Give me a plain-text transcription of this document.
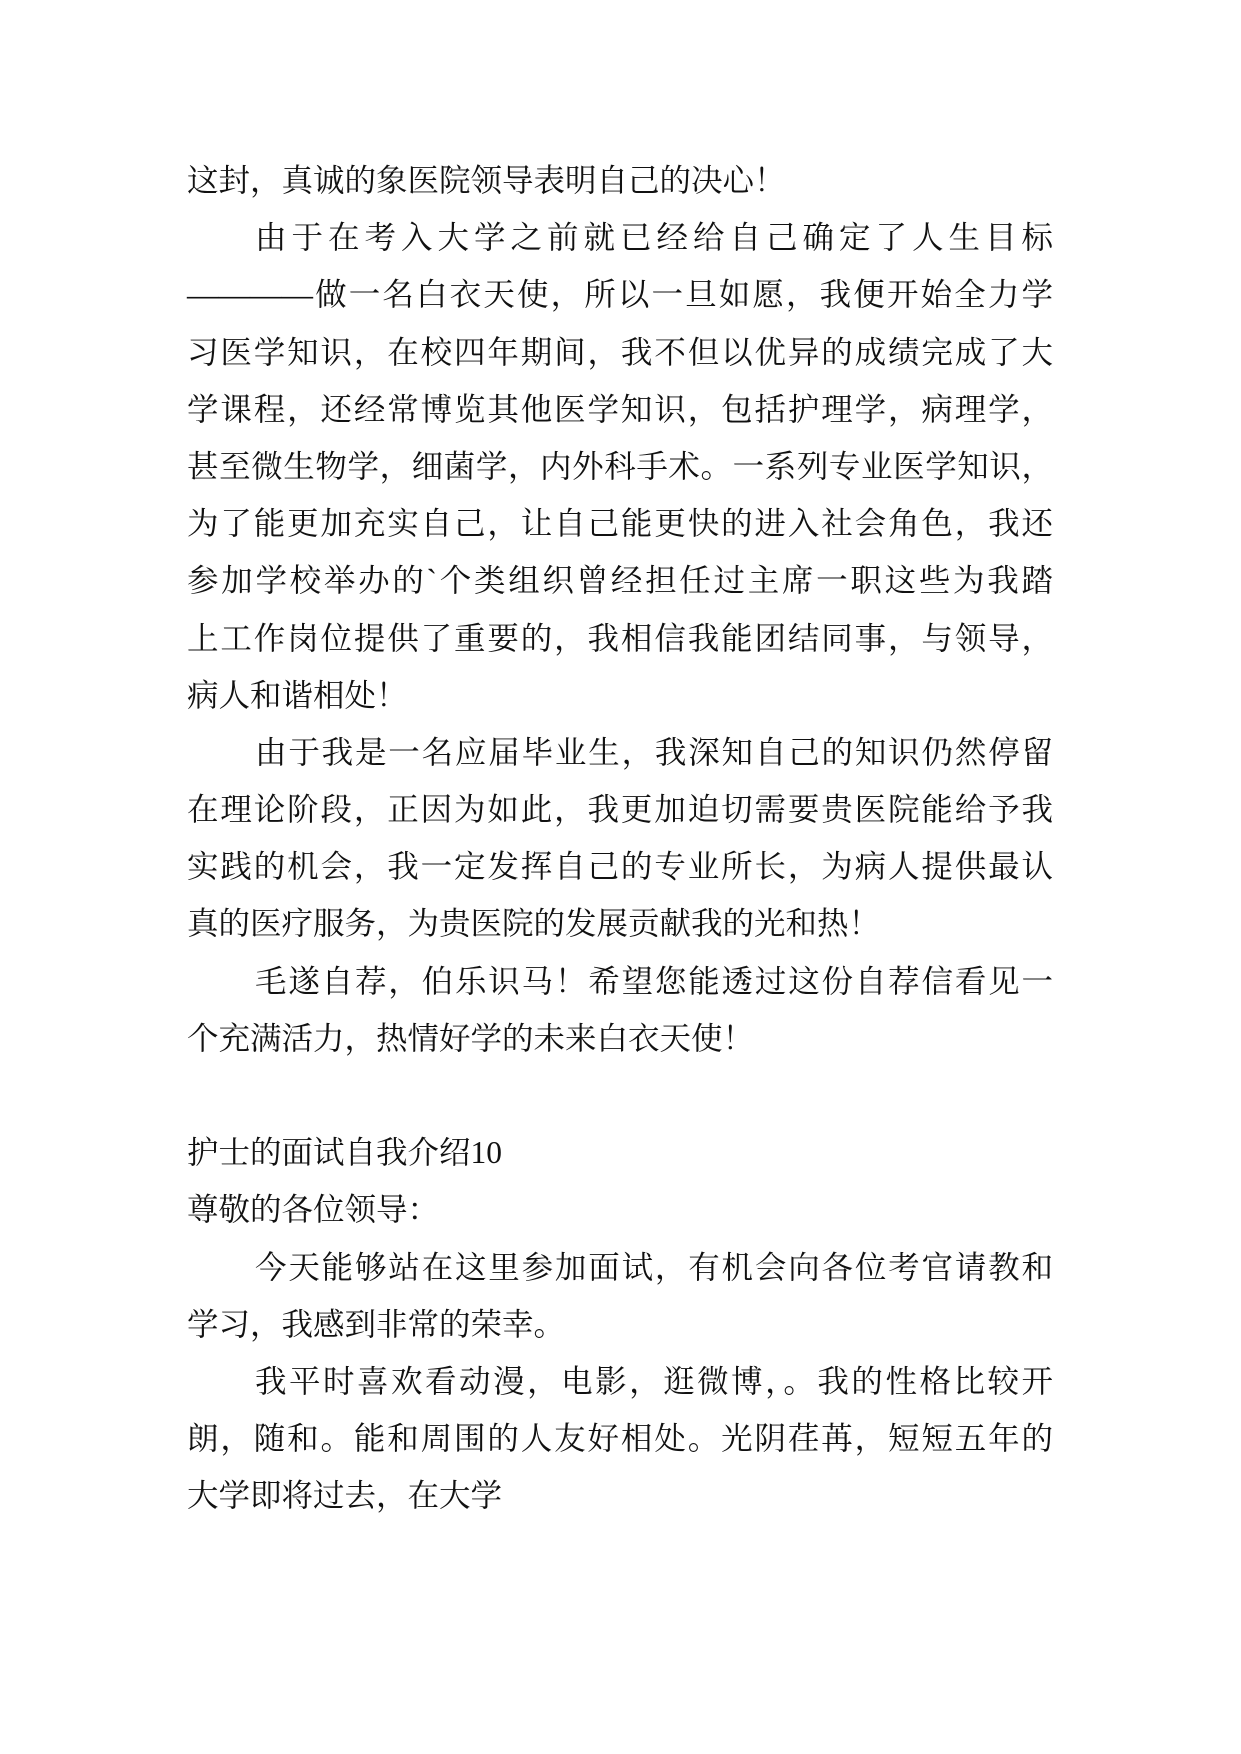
这封，真诚的象医院领导表明自己的决心！
由于在考入大学之前就已经给自己确定了人生目标
————做一名白衣天使，所以一旦如愿，我便开始全力学
习医学知识，在校四年期间，我不但以优异的成绩完成了大
学课程，还经常博览其他医学知识，包括护理学，病理学，
甚至微生物学，细菌学，内外科手术。一系列专业医学知识，
为了能更加充实自己，让自己能更快的进入社会角色，我还
参加学校举办的`个类组织曾经担任过主席一职这些为我踏
上工作岗位提供了重要的，我相信我能团结同事，与领导，
病人和谐相处！
由于我是一名应届毕业生，我深知自己的知识仍然停留
在理论阶段，正因为如此，我更加迫切需要贵医院能给予我
实践的机会，我一定发挥自己的专业所长，为病人提供最认
真的医疗服务，为贵医院的发展贡献我的光和热！
毛遂自荐，伯乐识马！希望您能透过这份自荐信看见一
个充满活力，热情好学的未来白衣天使！
护士的面试自我介绍10
尊敬的各位领导：
今天能够站在这里参加面试，有机会向各位考官请教和
学习，我感到非常的荣幸。
我平时喜欢看动漫，电影，逛微博，。我的性格比较开
朗，随和。能和周围的人友好相处。光阴荏苒，短短五年的
大学即将过去，在大学
